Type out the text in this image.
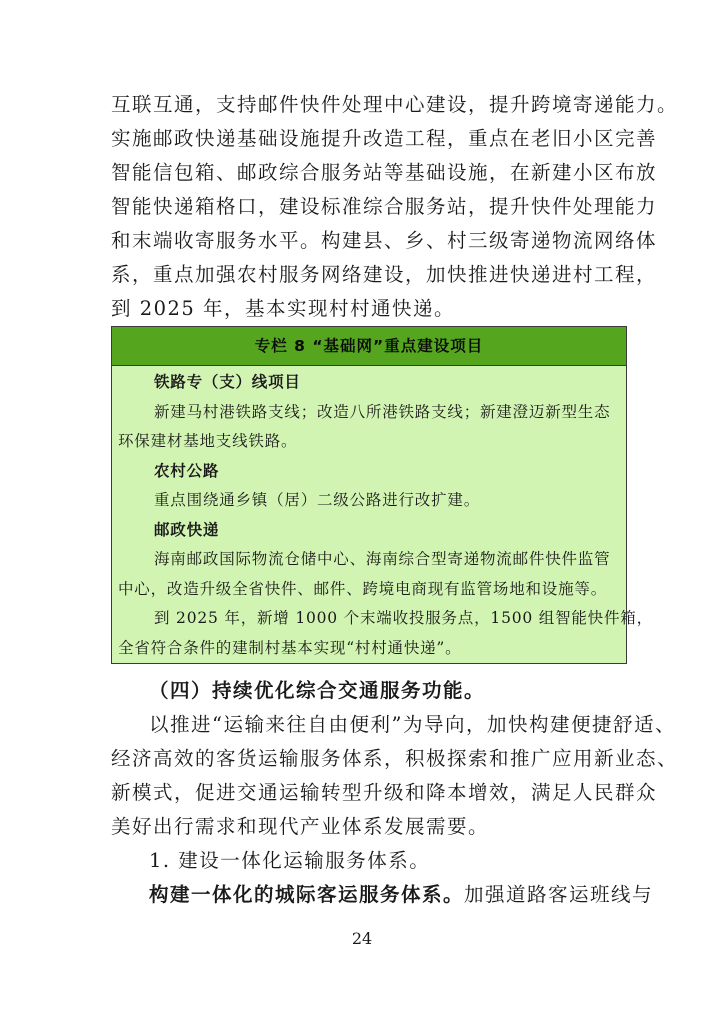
互联互通，支持邮件快件处理中心建设，提升跨境寄递能力。

实施邮政快递基础设施提升改造工程，重点在老旧小区完善

智能信包箱、邮政综合服务站等基础设施，在新建小区布放

智能快递箱格口，建设标准综合服务站，提升快件处理能力

和末端收寄服务水平。构建县、乡、村三级寄递物流网络体

系，重点加强农村服务网络建设，加快推进快递进村工程，

到 2025 年，基本实现村村通快递。

专栏 8 “基础网”重点建设项目

铁路专（支）线项目

新建马村港铁路支线；改造八所港铁路支线；新建澄迈新型生态

环保建材基地支线铁路。

农村公路

重点围绕通乡镇（居）二级公路进行改扩建。

邮政快递

海南邮政国际物流仓储中心、海南综合型寄递物流邮件快件监管

中心，改造升级全省快件、邮件、跨境电商现有监管场地和设施等。

到 2025 年，新增 1000 个末端收投服务点，1500 组智能快件箱，

全省符合条件的建制村基本实现“村村通快递”。

（四）持续优化综合交通服务功能。

以推进“运输来往自由便利”为导向，加快构建便捷舒适、

经济高效的客货运输服务体系，积极探索和推广应用新业态、

新模式，促进交通运输转型升级和降本增效，满足人民群众

美好出行需求和现代产业体系发展需要。

1. 建设一体化运输服务体系。

构建一体化的城际客运服务体系。加强道路客运班线与

24
